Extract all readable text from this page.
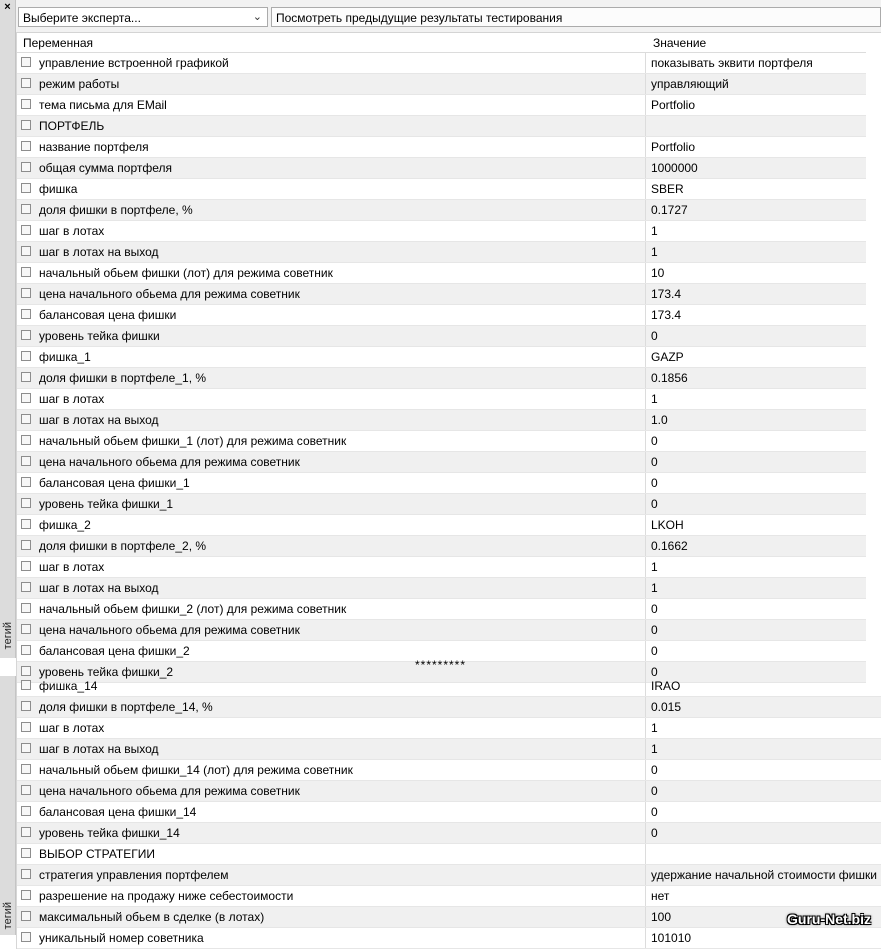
×
тегий
тегий
Выберите эксперта...	⌄ Посмотреть предыдущие результаты тестирования
Переменная	Значение
управление встроенной графикой	показывать эквити портфеля
режим работы	управляющий
тема письма для EMail	Portfolio
ПОРТФЕЛЬ
название портфеля	Portfolio
общая сумма портфеля	1000000
фишка	SBER
доля фишки в портфеле, %	0.1727
шаг в лотах	1
шаг в лотах на выход	1
начальный обьем фишки (лот) для режима советник	10
цена начального обьема для режима советник	173.4
балансовая цена фишки	173.4
уровень тейка фишки	0
фишка_1	GAZP
доля фишки в портфеле_1, %	0.1856
шаг в лотах	1
шаг в лотах на выход	1.0
начальный обьем фишки_1 (лот) для режима советник	0
цена начального обьема для режима советник	0
балансовая цена фишки_1	0
уровень тейка фишки_1	0
фишка_2	LKOH
доля фишки в портфеле_2, %	0.1662
шаг в лотах	1
шаг в лотах на выход	1
начальный обьем фишки_2 (лот) для режима советник	0
цена начального обьема для режима советник	0
балансовая цена фишки_2	0
уровень тейка фишки_2	0
*********
фишка_14	IRAO
доля фишки в портфеле_14, %	0.015
шаг в лотах	1
шаг в лотах на выход	1
начальный обьем фишки_14 (лот) для режима советник	0
цена начального обьема для режима советник	0
балансовая цена фишки_14	0
уровень тейка фишки_14	0
ВЫБОР СТРАТЕГИИ
стратегия управления портфелем	удержание начальной стоимости фишки
разрешение на продажу ниже себестоимости	нет
максимальный обьем в сделке (в лотах)	100
уникальный номер советника	101010
Guru-Net.biz
